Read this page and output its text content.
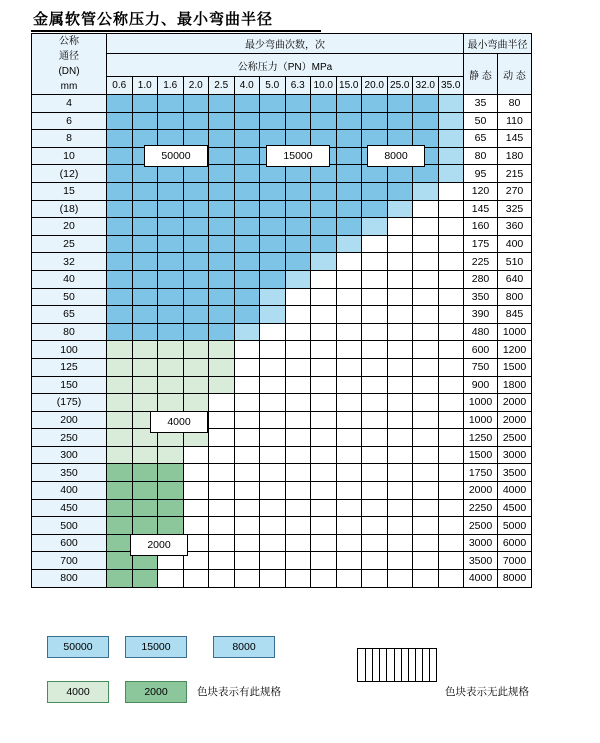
金属软管公称压力、最小弯曲半径
公称
通径
(DN)
mm	最少弯曲次数，次														最小弯曲半径	
	公称压力（PN）MPa														静 态	动 态
	0.6	1.0	1.6	2.0	2.5	4.0	5.0	6.3	10.0	15.0	20.0	25.0	32.0	35.0		
4															35	80
6															50	110
8															65	145
10															80	180
(12)															95	215
15															120	270
(18)															145	325
20															160	360
25															175	400
32															225	510
40															280	640
50															350	800
65															390	845
80															480	1000
100															600	1200
125															750	1500
150															900	1800
(175)															1000	2000
200															1000	2000
250															1250	2500
300															1500	3000
350															1750	3500
400															2000	4000
450															2250	4500
500															2500	5000
600															3000	6000
700															3500	7000
800															4000	8000
50000	15000	8000
4000
2000
50000	15000	8000
4000	2000	色块表示有此规格	色块表示无此规格
